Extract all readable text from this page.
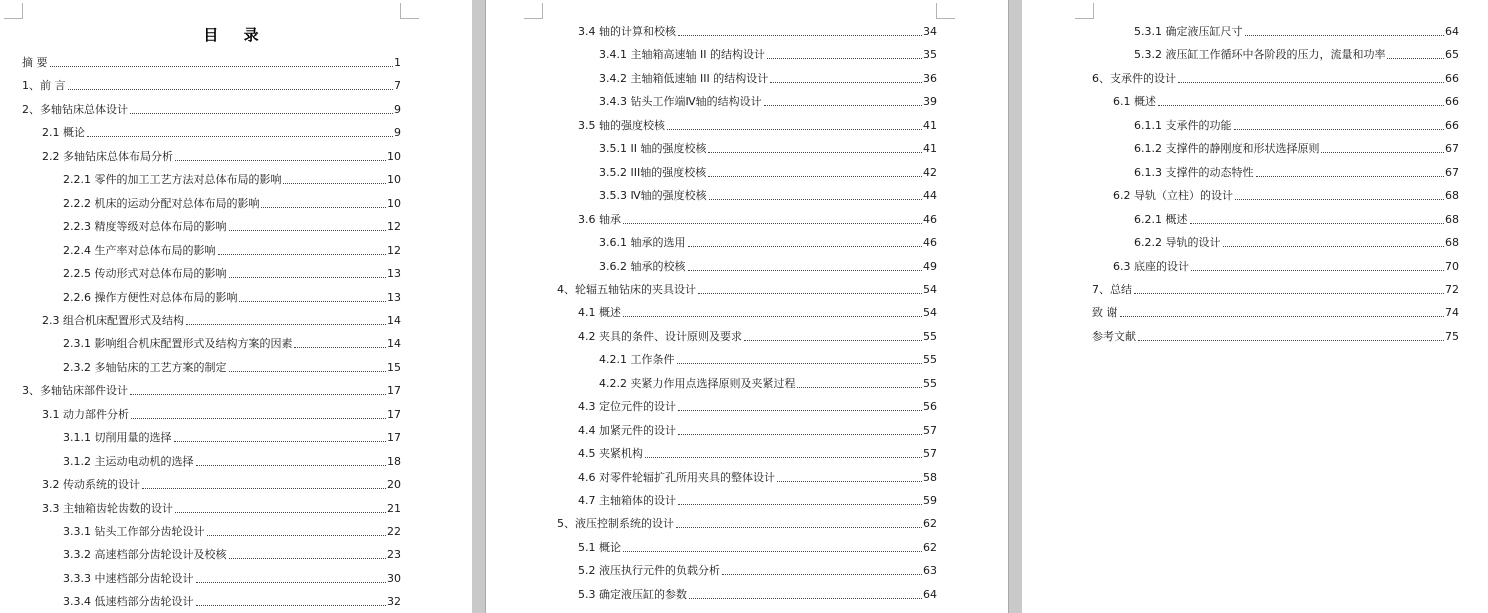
目 录
摘 要	1
1、前 言	7
2、多轴钻床总体设计	9
2.1 概论	9
2.2 多轴钻床总体布局分析	10
2.2.1 零件的加工工艺方法对总体布局的影响	10
2.2.2 机床的运动分配对总体布局的影响	10
2.2.3 精度等级对总体布局的影响	12
2.2.4 生产率对总体布局的影响	12
2.2.5 传动形式对总体布局的影响	13
2.2.6 操作方便性对总体布局的影响	13
2.3 组合机床配置形式及结构	14
2.3.1 影响组合机床配置形式及结构方案的因素	14
2.3.2 多轴钻床的工艺方案的制定	15
3、多轴钻床部件设计	17
3.1 动力部件分析	17
3.1.1 切削用量的选择	17
3.1.2 主运动电动机的选择	18
3.2 传动系统的设计	20
3.3 主轴箱齿轮齿数的设计	21
3.3.1 钻头工作部分齿轮设计	22
3.3.2 高速档部分齿轮设计及校核	23
3.3.3 中速档部分齿轮设计	30
3.3.4 低速档部分齿轮设计	32
3.4 轴的计算和校核	34
3.4.1 主轴箱高速轴 II 的结构设计	35
3.4.2 主轴箱低速轴 III 的结构设计	36
3.4.3 钻头工作端Ⅳ轴的结构设计	39
3.5 轴的强度校核	41
3.5.1 II 轴的强度校核	41
3.5.2 III轴的强度校核	42
3.5.3 Ⅳ轴的强度校核	44
3.6 轴承	46
3.6.1 轴承的选用	46
3.6.2 轴承的校核	49
4、轮辐五轴钻床的夹具设计	54
4.1 概述	54
4.2 夹具的条件、设计原则及要求	55
4.2.1 工作条件	55
4.2.2 夹紧力作用点选择原则及夹紧过程	55
4.3 定位元件的设计	56
4.4 加紧元件的设计	57
4.5 夹紧机构	57
4.6 对零件轮辐扩孔所用夹具的整体设计	58
4.7 主轴箱体的设计	59
5、液压控制系统的设计	62
5.1 概论	62
5.2 液压执行元件的负载分析	63
5.3 确定液压缸的参数	64
5.3.1 确定液压缸尺寸	64
5.3.2 液压缸工作循环中各阶段的压力，流量和功率	65
6、支承件的设计	66
6.1 概述	66
6.1.1 支承件的功能	66
6.1.2 支撑件的静刚度和形状选择原则	67
6.1.3 支撑件的动态特性	67
6.2 导轨（立柱）的设计	68
6.2.1 概述	68
6.2.2 导轨的设计	68
6.3 底座的设计	70
7、总结	72
致 谢	74
参考文献	75
